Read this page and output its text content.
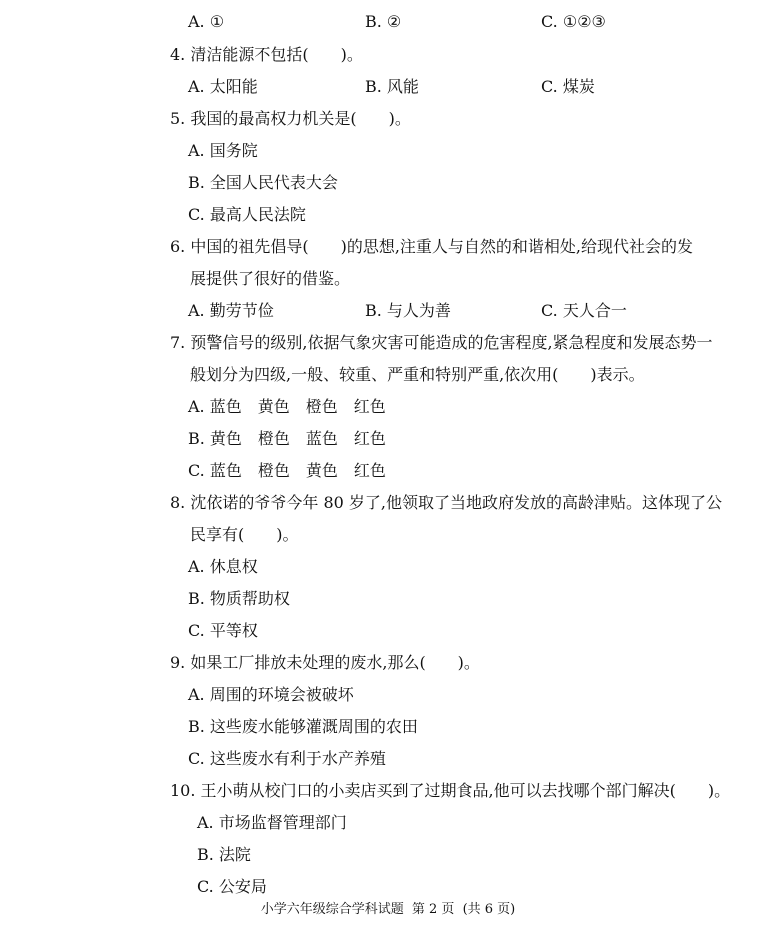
A. ①	B. ②	C. ①②③
4. 清洁能源不包括(　　)。
A. 太阳能	B. 风能	C. 煤炭
5. 我国的最高权力机关是(　　)。
A. 国务院
B. 全国人民代表大会
C. 最高人民法院
6. 中国的祖先倡导(　　)的思想,注重人与自然的和谐相处,给现代社会的发
展提供了很好的借鉴。
A. 勤劳节俭	B. 与人为善	C. 天人合一
7. 预警信号的级别,依据气象灾害可能造成的危害程度,紧急程度和发展态势一
般划分为四级,一般、较重、严重和特别严重,依次用(　　)表示。
A. 蓝色　黄色　橙色　红色
B. 黄色　橙色　蓝色　红色
C. 蓝色　橙色　黄色　红色
8. 沈依诺的爷爷今年 80 岁了,他领取了当地政府发放的高龄津贴。这体现了公
民享有(　　)。
A. 休息权
B. 物质帮助权
C. 平等权
9. 如果工厂排放未处理的废水,那么(　　)。
A. 周围的环境会被破坏
B. 这些废水能够灌溉周围的农田
C. 这些废水有利于水产养殖
10. 王小萌从校门口的小卖店买到了过期食品,他可以去找哪个部门解决(　　)。
A. 市场监督管理部门
B. 法院
C. 公安局
小学六年级综合学科试题 第 2 页 (共 6 页)
